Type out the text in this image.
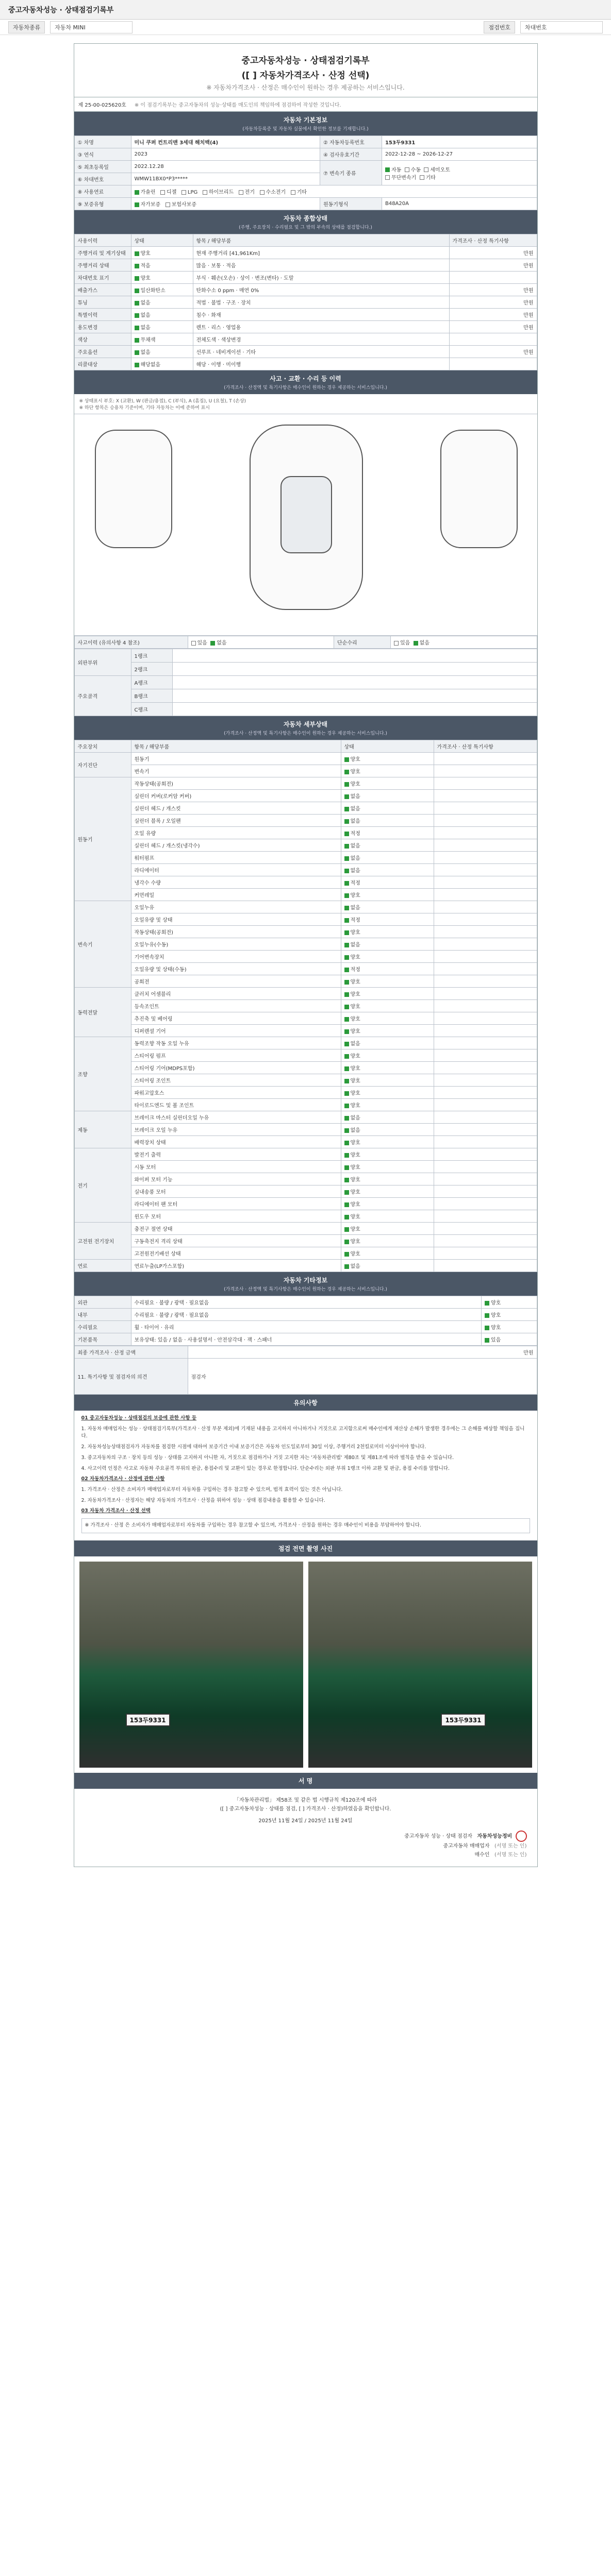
중고자동차성능 · 상태점검기록부
자동차종류	자동차 MINI	점검번호	차대번호
중고자동차성능 · 상태점검기록부
([ ] 자동차가격조사 · 산정 선택)
※ 자동차가격조사 · 산정은 매수인이 원하는 경우 제공하는 서비스입니다.
제 25-00-025620호 ※ 이 점검기록부는 중고자동차의 성능·상태를 매도인의 책임하에 점검하여 작성한 것입니다.
자동차 기본정보
(자동차등록증 및 자동차 실물에서 확인한 정보를 기재합니다.)
① 차명	미니 쿠퍼 컨트리맨 3세대 해치백(4)	② 자동차등록번호	153두9331
③ 연식	2023	④ 검사유효기간	2022-12-28 ~ 2026-12-27
⑤ 최초등록일	2022.12.28	⑦ 변속기 종류	자동 수동 세미오토
무단변속기 기타
⑥ 차대번호	WMW11BX0*P3*****		
⑧ 사용연료	가솔린 디젤 LPG 하이브리드 전기 수소전기 기타		
⑨ 보증유형	자가보증 보험사보증	원동기형식	B48A20A
자동차 종합상태
(주행, 주요장치 · 수리필요 및 그 밖의 부속의 상태를 점검합니다.)
사용이력	상태	항목 / 해당부품	가격조사 · 산정 특기사항
주행거리 및 계기상태	양호	현재 주행거리 [41,961Km]	만원
주행거리 상태	적음	많음 · 보통 · 적음	만원
차대번호 표기	양호	부식 · 훼손(오손) · 상이 · 변조(변타) · 도말	
배출가스	일산화탄소	탄화수소 0 ppm · 매연 0%	만원
튜닝	없음	적법 · 불법 · 구조 · 장치	만원
특별이력	없음	침수 · 화재	만원
용도변경	없음	렌트 · 리스 · 영업용	만원
색상	무채색	전체도색 · 색상변경	
주요옵션	없음	선루프 · 네비게이션 · 기타	만원
리콜대상	해당없음	해당 · 이행 · 미이행	
사고 · 교환 · 수리 등 이력
(가격조사 · 산정액 및 특기사항은 매수인이 원하는 경우 제공하는 서비스입니다.)
※ 상태표시 부호: X (교환), W (판금/용접), C (부식), A (흠집), U (요철), T (손상)
※ 하단 항목은 승용차 기준이며, 기타 자동차는 이에 준하여 표시
사고이력 (유의사항 4 참조)	있음 없음	단순수리	있음 없음
외판부위	1랭크	
	2랭크	
주요골격	A랭크	
	B랭크	
	C랭크	
자동차 세부상태
(가격조사 · 산정액 및 특기사항은 매수인이 원하는 경우 제공하는 서비스입니다.)
주요장치	항목 / 해당부품	상태	가격조사 · 산정 특기사항
자기진단	원동기	양호	
	변속기	양호	
원동기	작동상태(공회전)	양호	
	실린더 커버(로커암 커버)	없음	
	실린더 헤드 / 개스킷	없음	
	실린더 블록 / 오일팬	없음	
	오일 유량	적정	
	실린더 헤드 / 개스킷(냉각수)	없음	
	워터펌프	없음	
	라디에이터	없음	
	냉각수 수량	적정	
	커먼레일	양호	
변속기	오일누유	없음	
	오일유량 및 상태	적정	
	작동상태(공회전)	양호	
	오일누유(수동)	없음	
	기어변속장치	양호	
	오일유량 및 상태(수동)	적정	
	공회전	양호	
동력전달	클러치 어셈블리	양호	
	등속조인트	양호	
	추진축 및 베어링	양호	
	디퍼렌셜 기어	양호	
조향	동력조향 작동 오일 누유	없음	
	스티어링 펌프	양호	
	스티어링 기어(MDPS포함)	양호	
	스티어링 조인트	양호	
	파워고압호스	양호	
	타이로드엔드 및 볼 조인트	양호	
제동	브레이크 마스터 실린더오일 누유	없음	
	브레이크 오일 누유	없음	
	배력장치 상태	양호	
전기	발전기 출력	양호	
	시동 모터	양호	
	와이퍼 모터 기능	양호	
	실내송풍 모터	양호	
	라디에이터 팬 모터	양호	
	윈도우 모터	양호	
고전원 전기장치	충전구 절연 상태	양호	
	구동축전지 격리 상태	양호	
	고전원전기배선 상태	양호	
연료	연료누출(LP가스포함)	없음	
자동차 기타정보
(가격조사 · 산정액 및 특기사항은 매수인이 원하는 경우 제공하는 서비스입니다.)
외관	수리필요 · 불량 / 광택 · 필요없음	양호
내부	수리필요 · 불량 / 광택 · 필요없음	양호
수리필요	휠 · 타이어 · 유리	양호
기본품목	보유상태: 있음 / 없음 · 사용설명서 · 안전삼각대 · 잭 · 스패너	있음
최종 가격조사 · 산정 금액	만원
11. 특기사항 및 점검자의 의견	점검자
유의사항

01 중고자동차성능 · 상태점검의 보증에 관한 사항 등

1. 자동차 매매업자는 성능 · 상태점검기록부(가격조사 · 산정 부분 제외)에 기재된 내용을 고지하지 아니하거나 거짓으로 고지함으로써 매수인에게 재산상 손해가 발생한 경우에는 그 손해를 배상할 책임을 집니다.

2. 자동차성능상태점검자가 자동차를 점검한 시점에 대하여 보증기간 이내 보증기간은 자동차 인도일로부터 30일 이상, 주행거리 2천킬로미터 이상이어야 합니다.

3. 중고자동차의 구조 · 장치 등의 성능 · 상태를 고지하지 아니한 자, 거짓으로 점검하거나 거짓 고지한 자는 '자동차관리법' 제80조 및 제81조에 따라 벌칙을 받을 수 있습니다.

4. 사고이력 인정은 사고로 자동차 주요골격 부위의 판금, 용접수리 및 교환이 있는 경우로 한정합니다. 단순수리는 외판 부위 1랭크 이하 교환 및 판금, 용접 수리를 말합니다.

02 자동차가격조사 · 산정에 관한 사항

1. 가격조사 · 산정은 소비자가 매매업자로부터 자동차를 구입하는 경우 참고할 수 있으며, 법적 효력이 있는 것은 아닙니다.

2. 자동차가격조사 · 산정자는 해당 자동차의 가격조사 · 산정을 위하여 성능 · 상태 점검내용을 활용할 수 있습니다.

03 자동차 가격조사 · 산정 선택

※ 가격조사 · 산정 은 소비자가 매매업자로부터 자동차를 구입하는 경우 참고할 수 있으며, 가격조사 · 산정을 원하는 경우 매수인이 비용을 부담하여야 합니다.

점검 전면 촬영 사진
153두9331	153두9331
서 명
「자동차관리법」 제58조 및 같은 법 시행규칙 제120조에 따라
([ ] 중고자동차성능 · 상태를 점검, [ ] 가격조사 · 산정)하였음을 확인합니다.
2025년 11월 24일 / 2025년 11월 24일
중고자동차 성능 · 상태 점검자 자동차성능정비
중고자동차 매매업자 (서명 또는 인)
매수인 (서명 또는 인)
